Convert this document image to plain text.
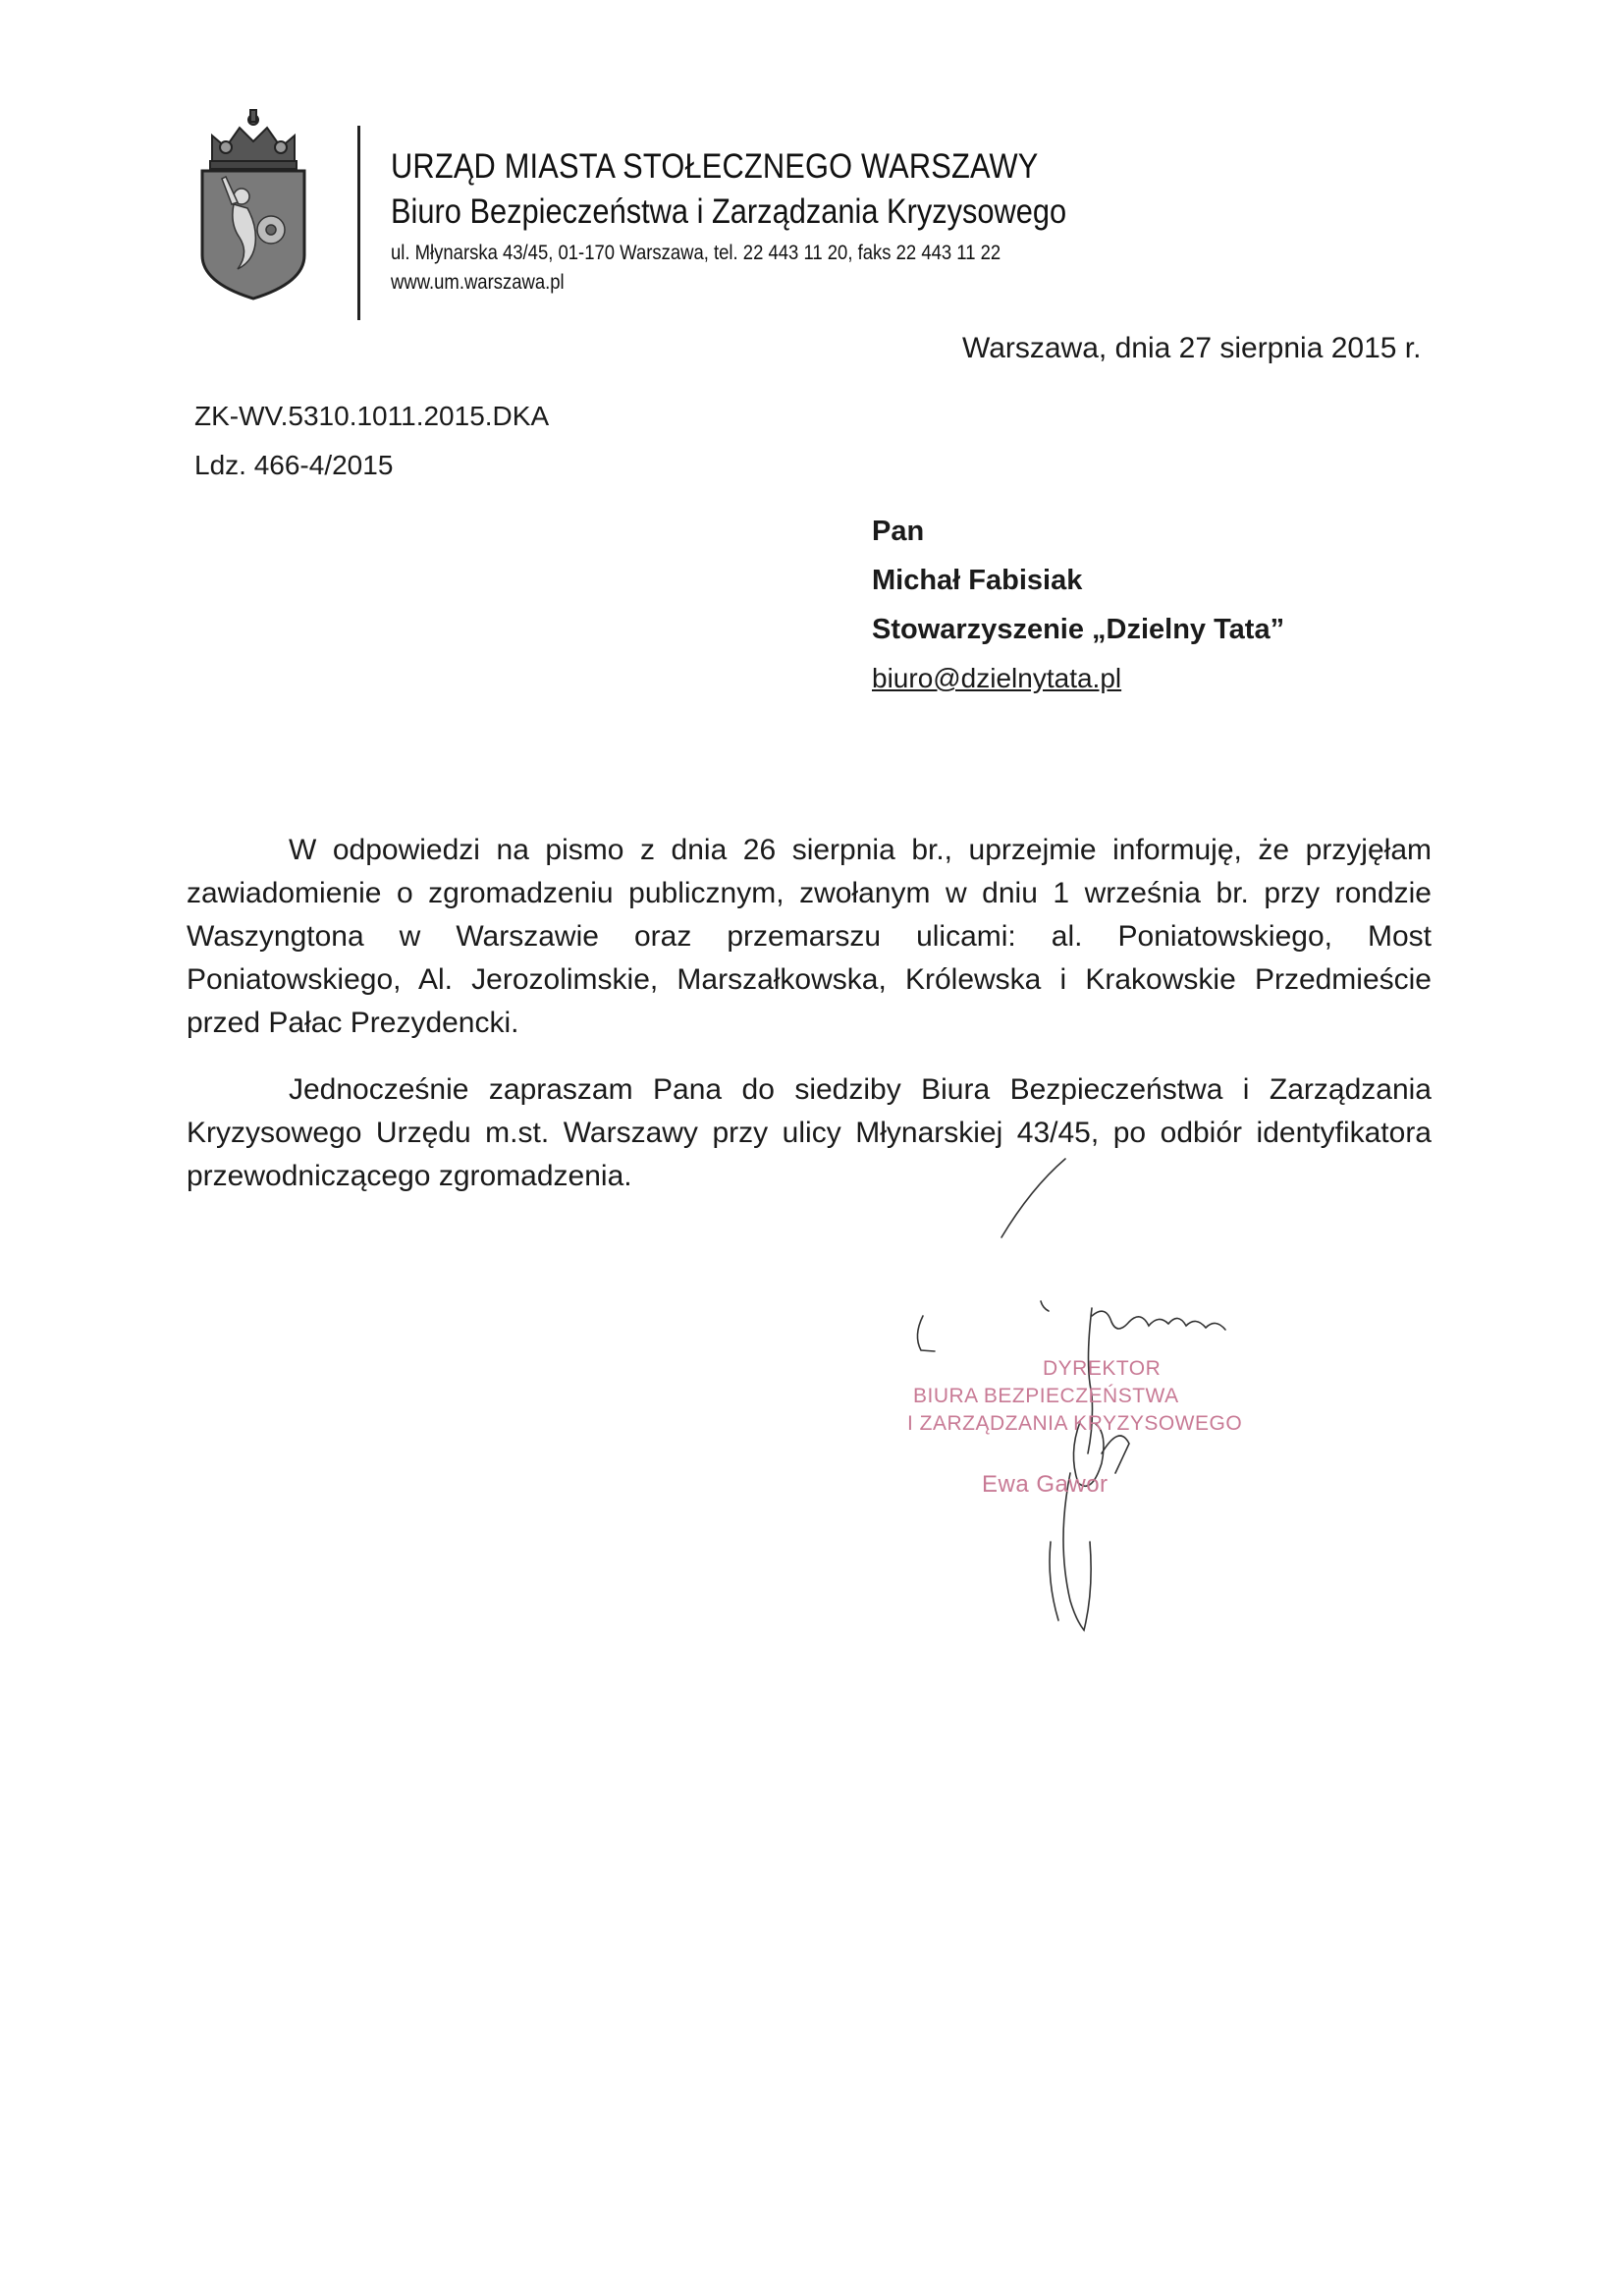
URZĄD MIASTA STOŁECZNEGO WARSZAWY
Biuro Bezpieczeństwa i Zarządzania Kryzysowego
ul. Młynarska 43/45, 01-170 Warszawa, tel. 22 443 11 20, faks 22 443 11 22
www.um.warszawa.pl
Warszawa, dnia 27 sierpnia 2015 r.
ZK-WV.5310.1011.2015.DKA
Ldz. 466-4/2015
Pan
Michał Fabisiak
Stowarzyszenie „Dzielny Tata”
biuro@dzielnytata.pl
W odpowiedzi na pismo z dnia 26 sierpnia br., uprzejmie informuję, że przyjęłam zawiadomienie o zgromadzeniu publicznym, zwołanym w dniu 1 września br. przy rondzie Waszyngtona w Warszawie oraz przemarszu ulicami: al. Poniatowskiego, Most Poniatowskiego, Al. Jerozolimskie, Marszałkowska, Królewska i Krakowskie Przedmieście przed Pałac Prezydencki.
Jednocześnie zapraszam Pana do siedziby Biura Bezpieczeństwa i Zarządzania Kryzysowego Urzędu m.st. Warszawy przy ulicy Młynarskiej 43/45, po odbiór identyfikatora przewodniczącego zgromadzenia.
DYREKTOR
BIURA BEZPIECZEŃSTWA
I ZARZĄDZANIA KRYZYSOWEGO
Ewa Gawor
